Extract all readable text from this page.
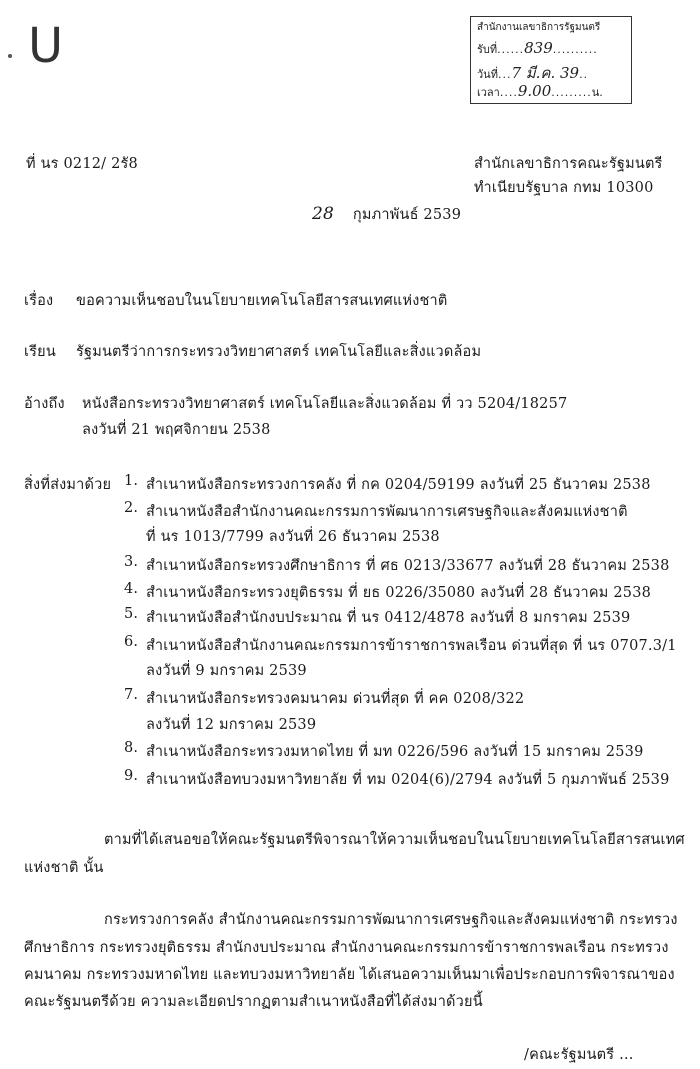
U	สำนักงานเลขาธิการรัฐมนตรี
รับที่......839..........
วันที่...7 มี.ค. 39..
เวลา....9.00.........น.
ที่ นร 0212/ 2รั8	สำนักเลขาธิการคณะรัฐมนตรี
ทำเนียบรัฐบาล กทม 10300
28 กุมภาพันธ์ 2539
เรื่อง ขอความเห็นชอบในนโยบายเทคโนโลยีสารสนเทศแห่งชาติ
เรียน รัฐมนตรีว่าการกระทรวงวิทยาศาสตร์ เทคโนโลยีและสิ่งแวดล้อม
อ้างถึง หนังสือกระทรวงวิทยาศาสตร์ เทคโนโลยีและสิ่งแวดล้อม ที่ วว 5204/18257
ลงวันที่ 21 พฤศจิกายน 2538
สิ่งที่ส่งมาด้วย 1. สำเนาหนังสือกระทรวงการคลัง ที่ กค 0204/59199 ลงวันที่ 25 ธันวาคม 2538
2. สำเนาหนังสือสำนักงานคณะกรรมการพัฒนาการเศรษฐกิจและสังคมแห่งชาติ
ที่ นร 1013/7799 ลงวันที่ 26 ธันวาคม 2538
3. สำเนาหนังสือกระทรวงศึกษาธิการ ที่ ศธ 0213/33677 ลงวันที่ 28 ธันวาคม 2538
4. สำเนาหนังสือกระทรวงยุติธรรม ที่ ยธ 0226/35080 ลงวันที่ 28 ธันวาคม 2538
5. สำเนาหนังสือสำนักงบประมาณ ที่ นร 0412/4878 ลงวันที่ 8 มกราคม 2539
6. สำเนาหนังสือสำนักงานคณะกรรมการข้าราชการพลเรือน ด่วนที่สุด ที่ นร 0707.3/1
ลงวันที่ 9 มกราคม 2539
7. สำเนาหนังสือกระทรวงคมนาคม ด่วนที่สุด ที่ คค 0208/322
ลงวันที่ 12 มกราคม 2539
8. สำเนาหนังสือกระทรวงมหาดไทย ที่ มท 0226/596 ลงวันที่ 15 มกราคม 2539
9. สำเนาหนังสือทบวงมหาวิทยาลัย ที่ ทม 0204(6)/2794 ลงวันที่ 5 กุมภาพันธ์ 2539
ตามที่ได้เสนอขอให้คณะรัฐมนตรีพิจารณาให้ความเห็นชอบในนโยบายเทคโนโลยีสารสนเทศ
แห่งชาติ นั้น
กระทรวงการคลัง สำนักงานคณะกรรมการพัฒนาการเศรษฐกิจและสังคมแห่งชาติ กระทรวง
ศึกษาธิการ กระทรวงยุติธรรม สำนักงบประมาณ สำนักงานคณะกรรมการข้าราชการพลเรือน กระทรวง
คมนาคม กระทรวงมหาดไทย และทบวงมหาวิทยาลัย ได้เสนอความเห็นมาเพื่อประกอบการพิจารณาของ
คณะรัฐมนตรีด้วย ความละเอียดปรากฏตามสำเนาหนังสือที่ได้ส่งมาด้วยนี้
/คณะรัฐมนตรี ...
